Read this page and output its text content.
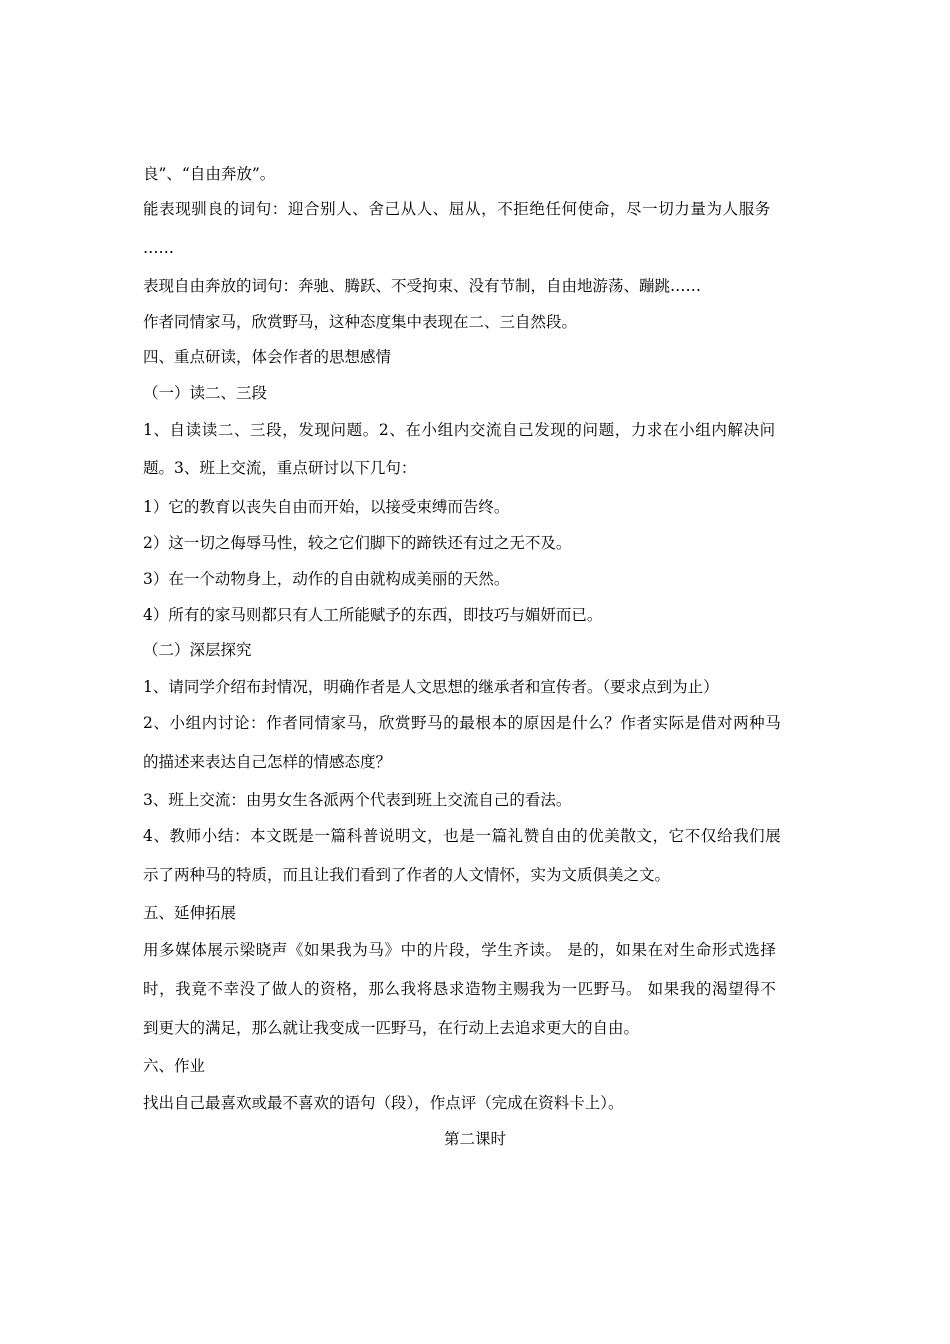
良”、“自由奔放”。
能表现驯良的词句：迎合别人、舍己从人、屈从，不拒绝任何使命，尽一切力量为人服务
……
表现自由奔放的词句：奔驰、腾跃、不受拘束、没有节制，自由地游荡、蹦跳……
作者同情家马，欣赏野马，这种态度集中表现在二、三自然段。
四、重点研读，体会作者的思想感情
（一）读二、三段
1、自读读二、三段，发现问题。2、在小组内交流自己发现的问题，力求在小组内解决问
题。3、班上交流，重点研讨以下几句：
1）它的教育以丧失自由而开始，以接受束缚而告终。
2）这一切之侮辱马性，较之它们脚下的蹄铁还有过之无不及。
3）在一个动物身上，动作的自由就构成美丽的天然。
4）所有的家马则都只有人工所能赋予的东西，即技巧与媚妍而已。
（二）深层探究
1、请同学介绍布封情况，明确作者是人文思想的继承者和宣传者。（要求点到为止）
2、小组内讨论：作者同情家马，欣赏野马的最根本的原因是什么？作者实际是借对两种马
的描述来表达自己怎样的情感态度？
3、班上交流：由男女生各派两个代表到班上交流自己的看法。
4、教师小结：本文既是一篇科普说明文，也是一篇礼赞自由的优美散文，它不仅给我们展
示了两种马的特质，而且让我们看到了作者的人文情怀，实为文质俱美之文。
五、延伸拓展
用多媒体展示梁晓声《如果我为马》中的片段，学生齐读。 是的，如果在对生命形式选择
时，我竟不幸没了做人的资格，那么我将恳求造物主赐我为一匹野马。 如果我的渴望得不
到更大的满足，那么就让我变成一匹野马，在行动上去追求更大的自由。
六、作业
找出自己最喜欢或最不喜欢的语句（段），作点评（完成在资料卡上）。
第二课时
